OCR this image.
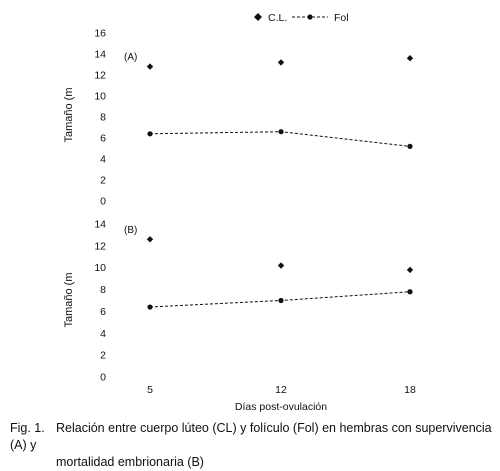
C.L.	Fol
(A)
Tamaño (m
0
2
4
6
8
10
12
14
16
(B)
Tamaño (m
0
2
4
6
8
10
12
14
5	12	18
Días post-ovulación
Fig. 1. Relación entre cuerpo lúteo (CL) y folículo (Fol) en hembras con supervivencia (A) y
mortalidad embrionaria (B)
